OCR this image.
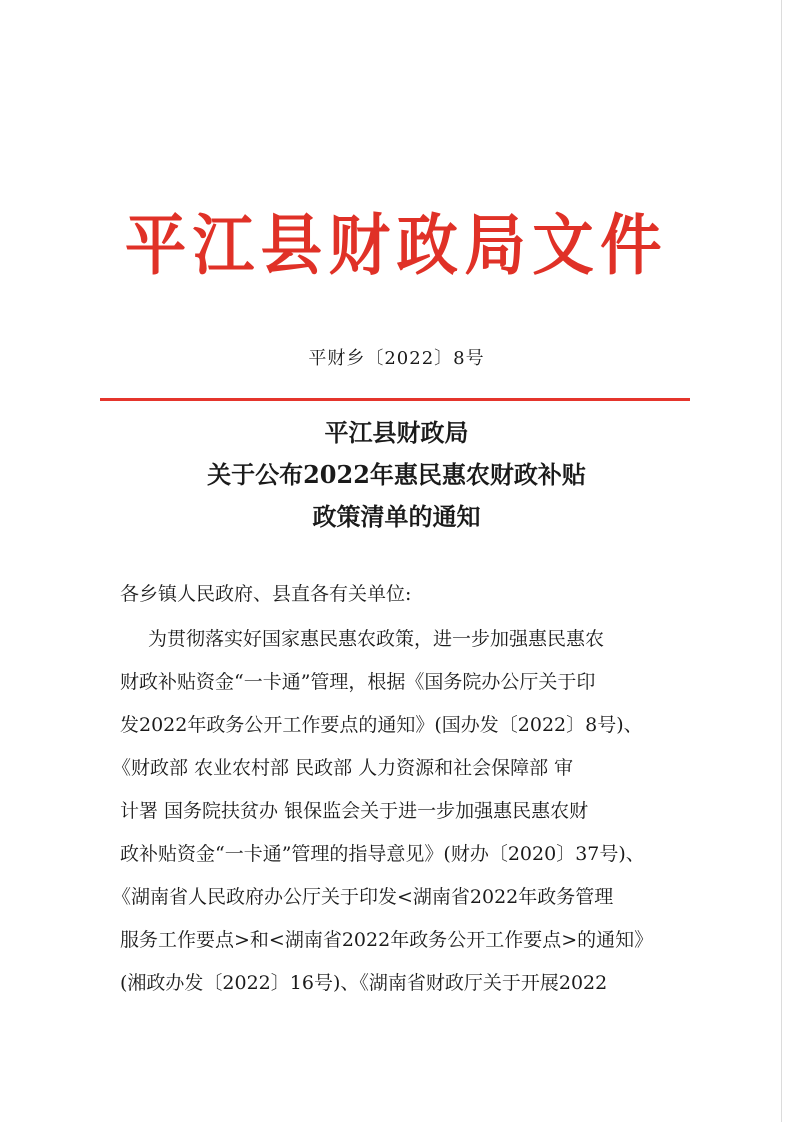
平江县财政局文件
平财乡〔2022〕8号
平江县财政局
关于公布2022年惠民惠农财政补贴
政策清单的通知
各乡镇人民政府、县直各有关单位:
为贯彻落实好国家惠民惠农政策，进一步加强惠民惠农
财政补贴资金“一卡通”管理，根据《国务院办公厅关于印
发2022年政务公开工作要点的通知》(国办发〔2022〕8号)、
《财政部 农业农村部 民政部 人力资源和社会保障部 审
计署 国务院扶贫办 银保监会关于进一步加强惠民惠农财
政补贴资金“一卡通”管理的指导意见》(财办〔2020〕37号)、
《湖南省人民政府办公厅关于印发<湖南省2022年政务管理
服务工作要点>和<湖南省2022年政务公开工作要点>的通知》
(湘政办发〔2022〕16号)、《湖南省财政厅关于开展2022
